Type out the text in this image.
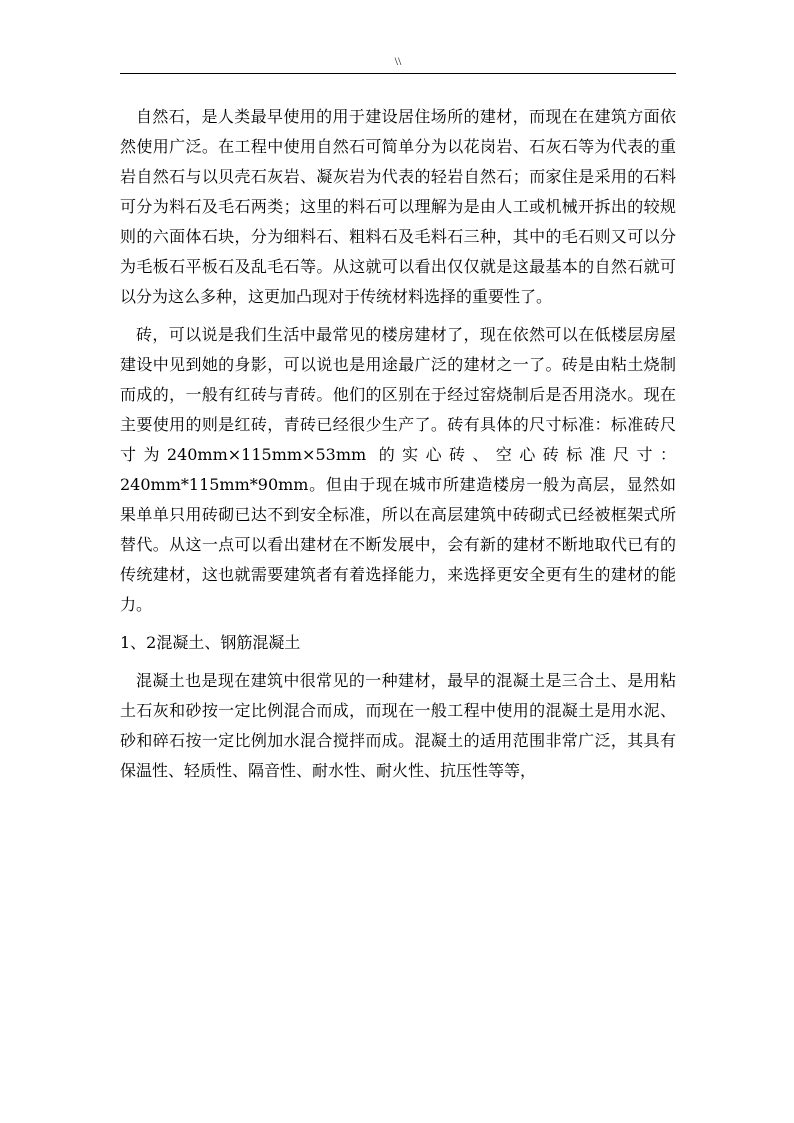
\\

自然石，是人类最早使用的用于建设居住场所的建材，而现在在建筑方面依然使用广泛。在工程中使用自然石可简单分为以花岗岩、石灰石等为代表的重岩自然石与以贝壳石灰岩、凝灰岩为代表的轻岩自然石；而家住是采用的石料可分为料石及毛石两类；这里的料石可以理解为是由人工或机械开拆出的较规则的六面体石块，分为细料石、粗料石及毛料石三种，其中的毛石则又可以分为毛板石平板石及乱毛石等。从这就可以看出仅仅就是这最基本的自然石就可以分为这么多种，这更加凸现对于传统材料选择的重要性了。

砖，可以说是我们生活中最常见的楼房建材了，现在依然可以在低楼层房屋建设中见到她的身影，可以说也是用途最广泛的建材之一了。砖是由粘土烧制而成的，一般有红砖与青砖。他们的区别在于经过窑烧制后是否用浇水。现在主要使用的则是红砖，青砖已经很少生产了。砖有具体的尺寸标准：标准砖尺寸为240mm×115mm×53mm 的实心砖、空心砖标准尺寸：240mm*115mm*90mm。但由于现在城市所建造楼房一般为高层，显然如果单单只用砖砌已达不到安全标准，所以在高层建筑中砖砌式已经被框架式所替代。从这一点可以看出建材在不断发展中，会有新的建材不断地取代已有的传统建材，这也就需要建筑者有着选择能力，来选择更安全更有生的建材的能力。

1、2混凝土、钢筋混凝土

混凝土也是现在建筑中很常见的一种建材，最早的混凝土是三合土、是用粘土石灰和砂按一定比例混合而成，而现在一般工程中使用的混凝土是用水泥、砂和碎石按一定比例加水混合搅拌而成。混凝土的适用范围非常广泛，其具有保温性、轻质性、隔音性、耐水性、耐火性、抗压性等等，
